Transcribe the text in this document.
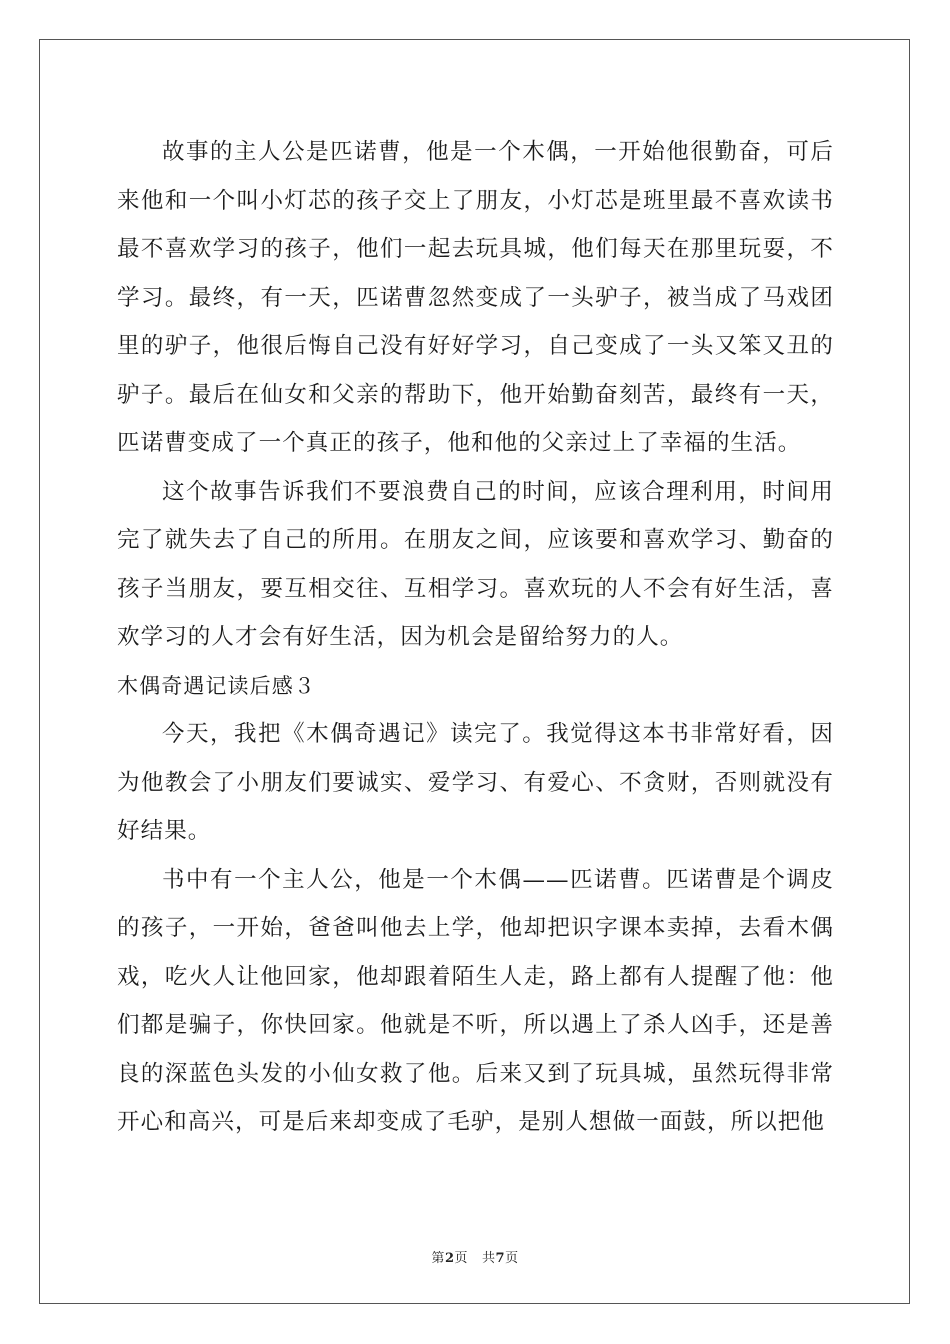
故事的主人公是匹诺曹，他是一个木偶，一开始他很勤奋，可后来他和一个叫小灯芯的孩子交上了朋友，小灯芯是班里最不喜欢读书最不喜欢学习的孩子，他们一起去玩具城，他们每天在那里玩耍，不学习。最终，有一天，匹诺曹忽然变成了一头驴子，被当成了马戏团里的驴子，他很后悔自己没有好好学习，自己变成了一头又笨又丑的驴子。最后在仙女和父亲的帮助下，他开始勤奋刻苦，最终有一天，匹诺曹变成了一个真正的孩子，他和他的父亲过上了幸福的生活。

这个故事告诉我们不要浪费自己的时间，应该合理利用，时间用完了就失去了自己的所用。在朋友之间，应该要和喜欢学习、勤奋的孩子当朋友，要互相交往、互相学习。喜欢玩的人不会有好生活，喜欢学习的人才会有好生活，因为机会是留给努力的人。

木偶奇遇记读后感３

今天，我把《木偶奇遇记》读完了。我觉得这本书非常好看，因为他教会了小朋友们要诚实、爱学习、有爱心、不贪财，否则就没有好结果。

书中有一个主人公，他是一个木偶——匹诺曹。匹诺曹是个调皮的孩子，一开始，爸爸叫他去上学，他却把识字课本卖掉，去看木偶戏，吃火人让他回家，他却跟着陌生人走，路上都有人提醒了他：他们都是骗子，你快回家。他就是不听，所以遇上了杀人凶手，还是善良的深蓝色头发的小仙女救了他。后来又到了玩具城，虽然玩得非常开心和高兴，可是后来却变成了毛驴，是别人想做一面鼓，所以把他

第2页 共7页
